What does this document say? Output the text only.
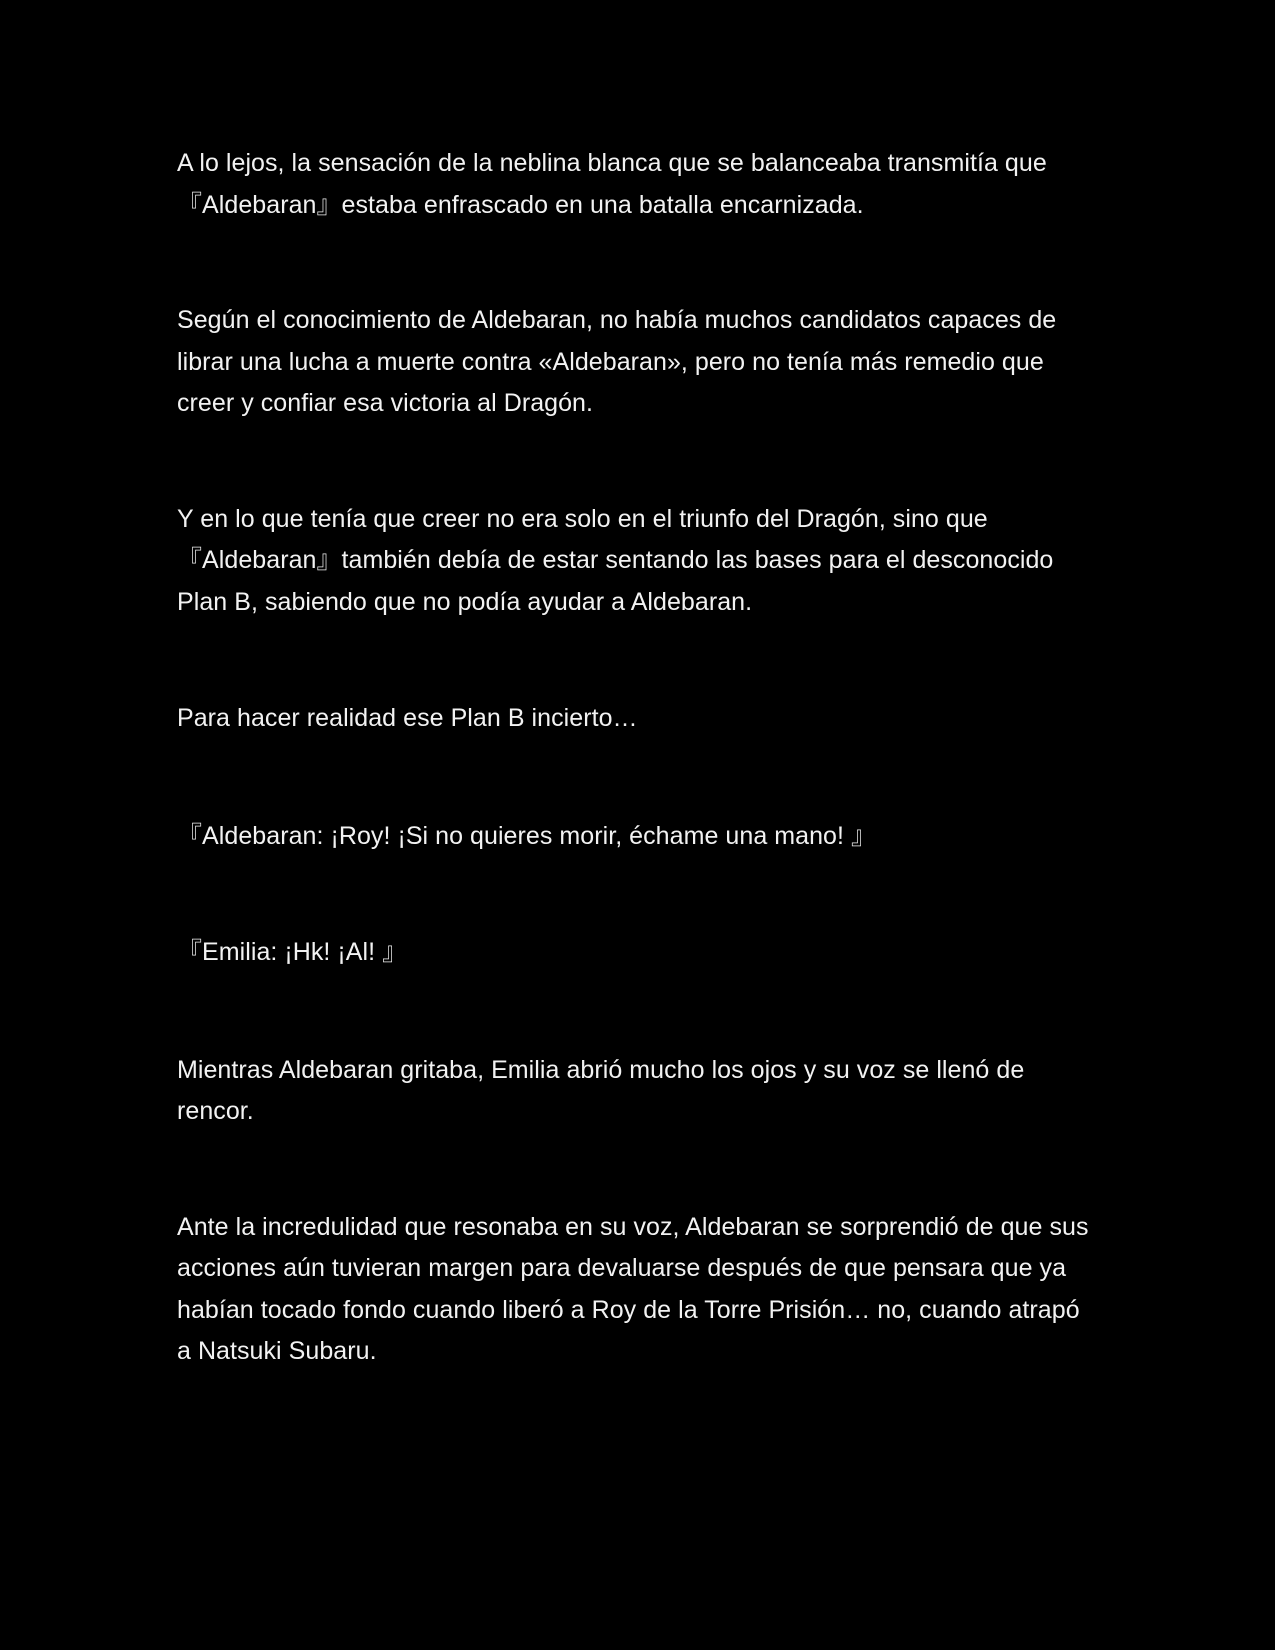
A lo lejos, la sensación de la neblina blanca que se balanceaba transmitía que 『Aldebaran』estaba enfrascado en una batalla encarnizada.

Según el conocimiento de Aldebaran, no había muchos candidatos capaces de librar una lucha a muerte contra «Aldebaran», pero no tenía más remedio que creer y confiar esa victoria al Dragón.

Y en lo que tenía que creer no era solo en el triunfo del Dragón, sino que 『Aldebaran』también debía de estar sentando las bases para el desconocido Plan B, sabiendo que no podía ayudar a Aldebaran.

Para hacer realidad ese Plan B incierto…

『Aldebaran: ¡Roy! ¡Si no quieres morir, échame una mano! 』

『Emilia: ¡Hk! ¡Al! 』

Mientras Aldebaran gritaba, Emilia abrió mucho los ojos y su voz se llenó de rencor.

Ante la incredulidad que resonaba en su voz, Aldebaran se sorprendió de que sus acciones aún tuvieran margen para devaluarse después de que pensara que ya habían tocado fondo cuando liberó a Roy de la Torre Prisión… no, cuando atrapó a Natsuki Subaru.
